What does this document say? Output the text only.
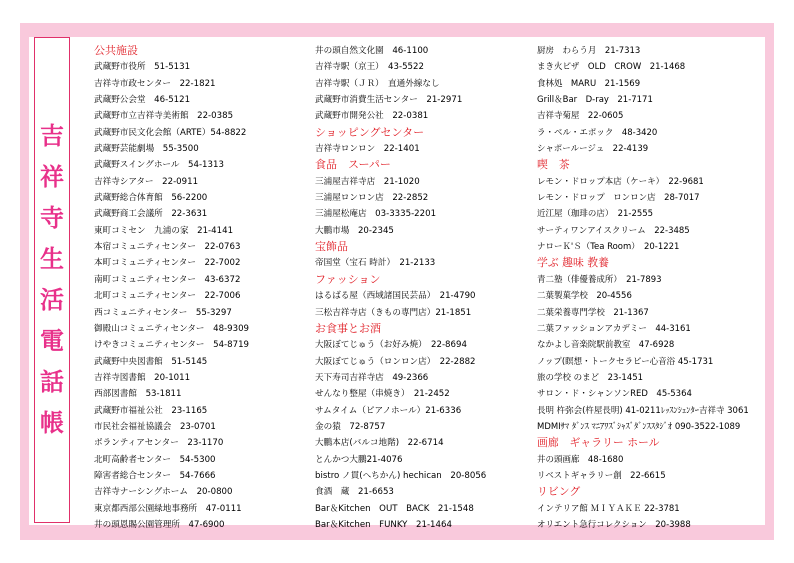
吉
祥
寺
生
活
電
話
帳
公共施設
武蔵野市役所　51-5131
吉祥寺市政センター　22-1821
武蔵野公会堂　46-5121
武蔵野市立吉祥寺美術館　22-0385
武蔵野市民文化会館（ARTE）54-8822
武蔵野芸能劇場　55-3500
武蔵野スイングホール　54-1313
吉祥寺シアター　22-0911
武蔵野総合体育館　56-2200
武蔵野商工会議所　22-3631
東町コミセン　九浦の家　21-4141
本宿コミュニティセンター　22-0763
本町コミュニティセンター　22-7002
南町コミュニティセンター　43-6372
北町コミュニティセンター　22-7006
西コミュニティセンター　55-3297
御殿山コミュニティセンター　48-9309
けやきコミュニティセンター　54-8719
武蔵野中央図書館　51-5145
吉祥寺図書館　20-1011
西部図書館　53-1811
武蔵野市福祉公社　23-1165
市民社会福祉協議会　23-0701
ボランティアセンター　23-1170
北町高齢者センター　54-5300
障害者総合センター　54-7666
吉祥寺ナーシングホーム　20-0800
東京都西部公園緑地事務所　47-0111
井の頭恩賜公園管理所　47-6900
井の頭自然文化園　46-1100
吉祥寺駅（京王）　43-5522
吉祥寺駅（ＪＲ）　直通外線なし
武蔵野市消費生活センター　21-2971
武蔵野市開発公社　22-0381
ショッピングセンター
吉祥寺ロンロン　22-1401
食品　スーパー
三浦屋吉祥寺店　21-1020
三浦屋ロンロン店　22-2852
三浦屋松庵店　03-3335-2201
大鵬市場　20-2345
宝飾品
帝国堂（宝石 時計）　21-2133
ファッション
はるばる屋（西域諸国民芸品）　21-4790
三松吉祥寺店（きもの専門店）21-1851
お食事とお酒
大阪ぼてじゅう（お好み焼）　22-8694
大阪ぼてじゅう（ロンロン店）　22-2882
天下寿司吉祥寺店　49-2366
せんなり整屋（串焼き）　21-2452
サムタイム（ピアノホール）21-6336
金の猿　72-8757
大鵬本店(バルコ地階)　22-6714
とんかつ大鵬21-4076
bistro ノ貫(へちかん) hechican　20-8056
食酒　蔵　21-6653
Bar＆Kitchen　OUT　BACK　21-1548
Bar＆Kitchen　FUNKY　21-1464
厨房　わらう月　21-7313
まき火ピザ　OLD　CROW　21-1468
食林処　MARU　21-1569
Grill＆Bar　D-ray　21-7171
吉祥寺菊屋　22-0605
ラ・ベル・エポック　48-3420
シャポールージュ　22-4139
喫　茶
レモン・ドロップ本店（ケーキ）　22-9681
レモン・ドロップ　ロンロン店　28-7017
近江屋（珈琲の店）　21-2555
サーティワンアイスクリーム　22-3485
ナローＫ'Ｓ（Tea Room）　20-1221
学ぶ 趣味 教養
青二塾（俳優養成所）　21-7893
二葉製菓学校　20-4556
二葉栄養専門学校　21-1367
二葉ファッションアカデミー　44-3161
なかよし音楽院駅前教室　47-6928
ノップ(瞑想・トークセラピー心音浴 45-1731
旅の学校 のまど　23-1451
サロン・ド・シャンソンRED　45-5364
長明 杵弥会(杵屋長明) 41-0211ﾚｯｽﾝｼｪﾝﾀｰ吉祥寺 3061
MDMIｻﾏ ﾀﾞﾝｽ ﾏﾆｱﾜｽﾞｼｬｽﾞﾀﾞﾝｽｽﾀｼﾞｵ 090-3522-1089
画廊　ギャラリー ホール
井の頭画廊　48-1680
リベストギャラリー創　22-6615
リビング
インテリア館 ＭＩＹＡＫＥ 22-3781
オリエント急行コレクション　20-3988
